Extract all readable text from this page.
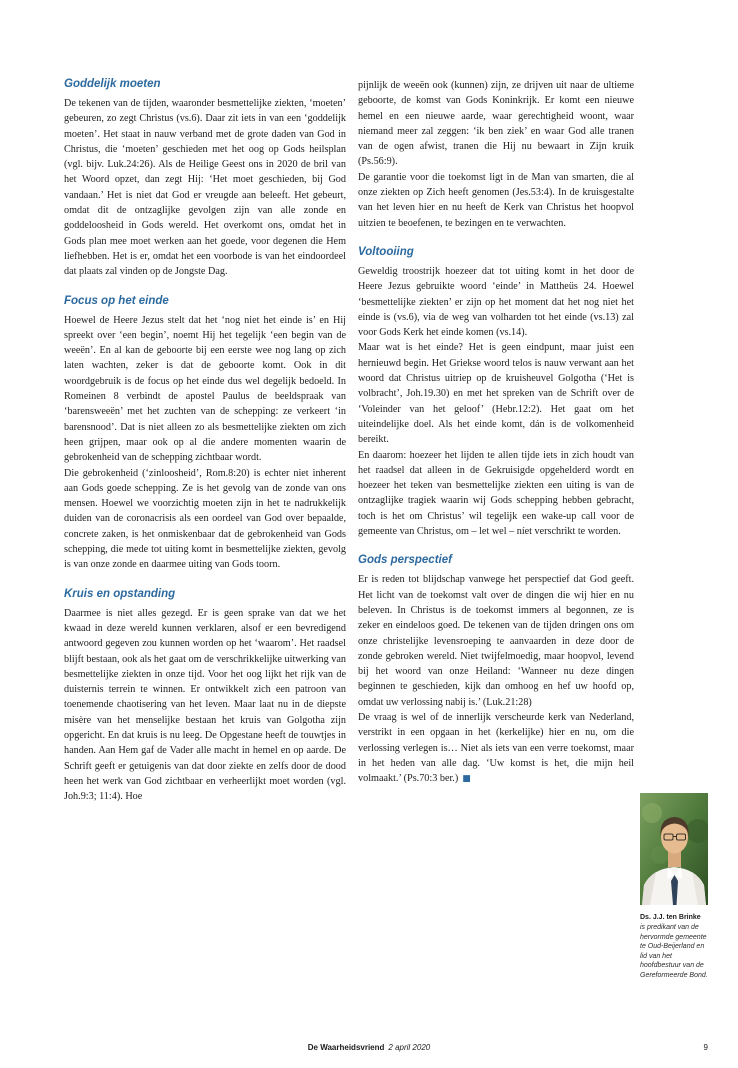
Goddelijk moeten

De tekenen van de tijden, waaronder besmettelijke ziekten, ‘moeten’ gebeuren, zo zegt Christus (vs.6). Daar zit iets in van een ‘goddelijk moeten’. Het staat in nauw verband met de grote daden van God in Christus, die ‘moeten’ geschieden met het oog op Gods heilsplan (vgl. bijv. Luk.24:26). Als de Heilige Geest ons in 2020 de bril van het Woord opzet, dan zegt Hij: ‘Het moet geschieden, bij God vandaan.’ Het is niet dat God er vreugde aan beleeft. Het gebeurt, omdat dit de ontzaglijke gevolgen zijn van alle zonde en goddeloosheid in Gods wereld. Het overkomt ons, omdat het in Gods plan mee moet werken aan het goede, voor degenen die Hem liefhebben. Het is er, omdat het een voorbode is van het eindoordeel dat plaats zal vinden op de Jongste Dag.

Focus op het einde

Hoewel de Heere Jezus stelt dat het ‘nog niet het einde is’ en Hij spreekt over ‘een begin’, noemt Hij het tegelijk ‘een begin van de weeën’. En al kan de geboorte bij een eerste wee nog lang op zich laten wachten, zeker is dat de geboorte komt. Ook in dit woordgebruik is de focus op het einde dus wel degelijk bedoeld. In Romeinen 8 verbindt de apostel Paulus de beeldspraak van ‘barensweeën’ met het zuchten van de schepping: ze verkeert ‘in barensnood’. Dat is niet alleen zo als besmettelijke ziekten om zich heen grijpen, maar ook op al die andere momenten waarin de gebrokenheid van de schepping zichtbaar wordt.

Die gebrokenheid (‘zinloosheid’, Rom.8:20) is echter niet inherent aan Gods goede schepping. Ze is het gevolg van de zonde van ons mensen. Hoewel we voorzichtig moeten zijn in het te nadrukkelijk duiden van de coronacrisis als een oordeel van God over bepaalde, concrete zaken, is het onmiskenbaar dat de gebrokenheid van Gods schepping, die mede tot uiting komt in besmettelijke ziekten, gevolg is van onze zonde en daarmee uiting van Gods toorn.

Kruis en opstanding

Daarmee is niet alles gezegd. Er is geen sprake van dat we het kwaad in deze wereld kunnen verklaren, alsof er een bevredigend antwoord gegeven zou kunnen worden op het ‘waarom’. Het raadsel blijft bestaan, ook als het gaat om de verschrikkelijke uitwerking van besmettelijke ziekten in onze tijd. Voor het oog lijkt het rijk van de duisternis terrein te winnen. Er ontwikkelt zich een patroon van toenemende chaotisering van het leven. Maar laat nu in de diepste misère van het menselijke bestaan het kruis van Golgotha zijn opgericht. En dat kruis is nu leeg. De Opgestane heeft de touwtjes in handen. Aan Hem gaf de Vader alle macht in hemel en op aarde. De Schrift geeft er getuigenis van dat door ziekte en zelfs door de dood heen het werk van God zichtbaar en verheerlijkt moet worden (vgl. Joh.9:3; 11:4). Hoe

pijnlijk de weeën ook (kunnen) zijn, ze drijven uit naar de ultieme geboorte, de komst van Gods Koninkrijk. Er komt een nieuwe hemel en een nieuwe aarde, waar gerechtigheid woont, waar niemand meer zal zeggen: ‘ik ben ziek’ en waar God alle tranen van de ogen afwist, tranen die Hij nu bewaart in Zijn kruik (Ps.56:9).

De garantie voor die toekomst ligt in de Man van smarten, die al onze ziekten op Zich heeft genomen (Jes.53:4). In de kruisgestalte van het leven hier en nu heeft de Kerk van Christus het hoopvol uitzien te beoefenen, te bezingen en te verwachten.

Voltooiing

Geweldig troostrijk hoezeer dat tot uiting komt in het door de Heere Jezus gebruikte woord ‘einde’ in Mattheüs 24. Hoewel ‘besmettelijke ziekten’ er zijn op het moment dat het nog niet het einde is (vs.6), via de weg van volharden tot het einde (vs.13) zal voor Gods Kerk het einde komen (vs.14).

Maar wat is het einde? Het is geen eindpunt, maar juist een hernieuwd begin. Het Griekse woord telos is nauw verwant aan het woord dat Christus uitriep op de kruisheuvel Golgotha (‘Het is volbracht’, Joh.19.30) en met het spreken van de Schrift over de ‘Voleinder van het geloof’ (Hebr.12:2). Het gaat om het uiteindelijke doel. Als het einde komt, dán is de volkomenheid bereikt.

En daarom: hoezeer het lijden te allen tijde iets in zich houdt van het raadsel dat alleen in de Gekruisigde opgehelderd wordt en hoezeer het teken van besmettelijke ziekten een uiting is van de ontzaglijke tragiek waarin wij Gods schepping hebben gebracht, toch is het om Christus’ wil tegelijk een wake-up call voor de gemeente van Christus, om – let wel – níet verschrikt te worden.

Gods perspectief

Er is reden tot blijdschap vanwege het perspectief dat God geeft. Het licht van de toekomst valt over de dingen die wij hier en nu beleven. In Christus is de toekomst immers al begonnen, ze is zeker en eindeloos goed. De tekenen van de tijden dringen ons om onze christelijke levensroeping te aanvaarden in deze door de zonde gebroken wereld. Niet twijfelmoedig, maar hoopvol, levend bij het woord van onze Heiland: ‘Wanneer nu deze dingen beginnen te geschieden, kijk dan omhoog en hef uw hoofd op, omdat uw verlossing nabij is.’ (Luk.21:28)

De vraag is wel of de innerlijk verscheurde kerk van Nederland, verstrikt in een opgaan in het (kerkelijke) hier en nu, om die verlossing verlegen is… Niet als iets van een verre toekomst, maar in het heden van alle dag. ‘Uw komst is het, die mijn heil volmaakt.’ (Ps.70:3 ber.) ■

Ds. J.J. ten Brinke

is predikant van de hervormde gemeente te Oud-Beijerland en lid van het hoofdbestuur van de Gereformeerde Bond.

De Waarheidsvriend 2 april 2020	9
